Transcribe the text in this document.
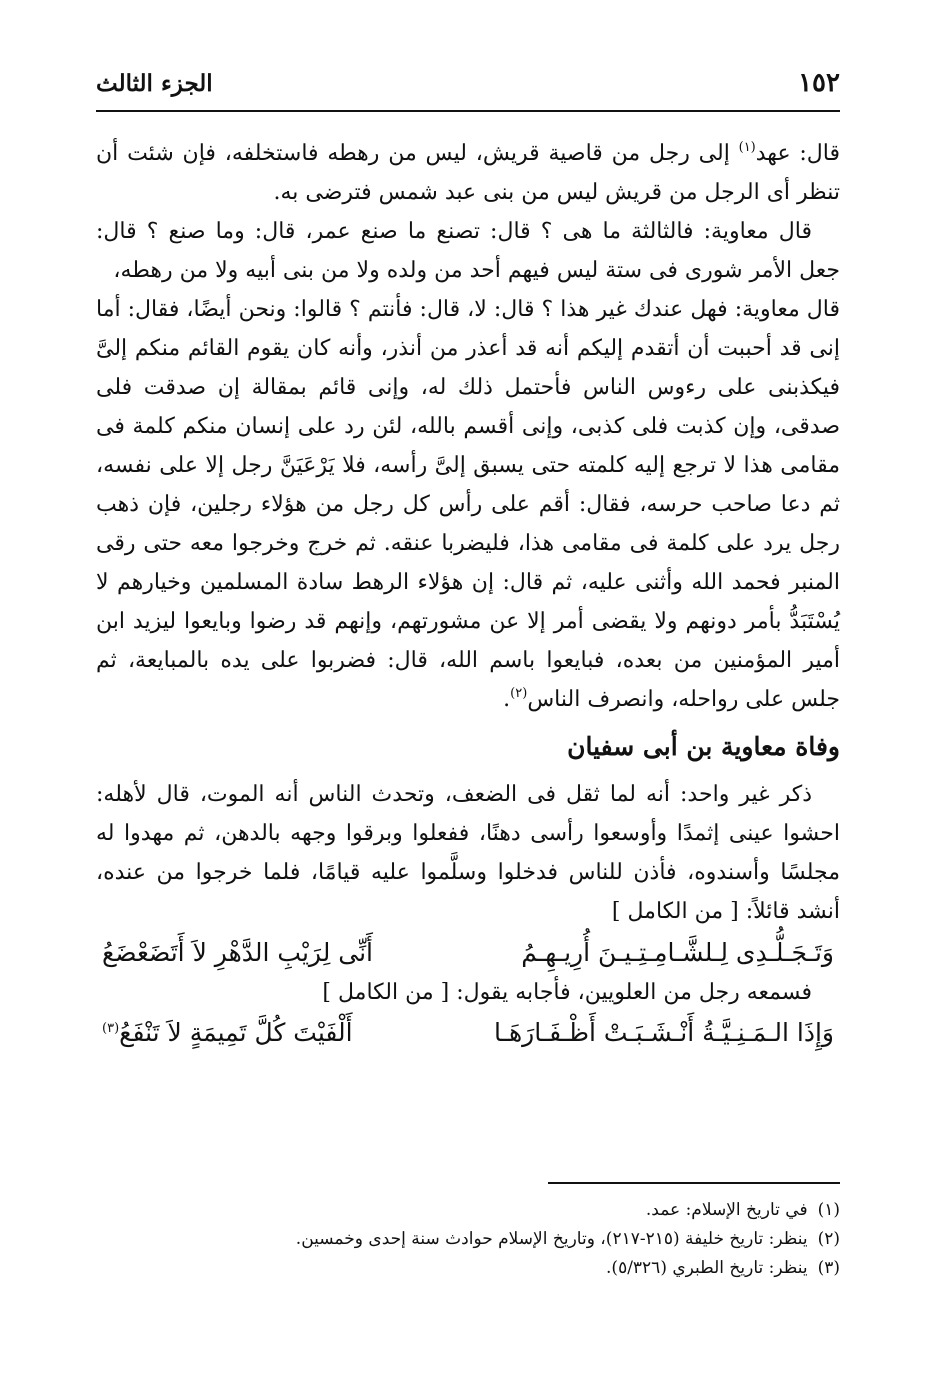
١٥٢
الجزء الثالث

قال: عهد$^{(١)}$ إلى رجل من قاصية قريش، ليس من رهطه فاستخلفه، فإن شئت أن تنظر أى الرجل من قريش ليس من بنى عبد شمس فترضى به.

قال معاوية: فالثالثة ما هى ؟ قال: تصنع ما صنع عمر، قال: وما صنع ؟ قال: جعل الأمر شورى فى ستة ليس فيهم أحد من ولده ولا من بنى أبيه ولا من رهطه،

قال معاوية: فهل عندك غير هذا ؟ قال: لا، قال: فأنتم ؟ قالوا: ونحن أيضًا، فقال: أما إنى قد أحببت أن أتقدم إليكم أنه قد أعذر من أنذر، وأنه كان يقوم القائم منكم إلىَّ فيكذبنى على رءوس الناس فأحتمل ذلك له، وإنى قائم بمقالة إن صدقت فلى صدقى، وإن كذبت فلى كذبى، وإنى أقسم بالله، لئن رد على إنسان منكم كلمة فى مقامى هذا لا ترجع إليه كلمته حتى يسبق إلىَّ رأسه، فلا يَرْعَيَنَّ رجل إلا على نفسه، ثم دعا صاحب حرسه، فقال: أقم على رأس كل رجل من هؤلاء رجلين، فإن ذهب رجل يرد على كلمة فى مقامى هذا، فليضربا عنقه. ثم خرج وخرجوا معه حتى رقى المنبر فحمد الله وأثنى عليه، ثم قال: إن هؤلاء الرهط سادة المسلمين وخيارهم لا يُسْتَبَدُّ بأمر دونهم ولا يقضى أمر إلا عن مشورتهم، وإنهم قد رضوا وبايعوا ليزيد ابن أمير المؤمنين من بعده، فبايعوا باسم الله، قال: فضربوا على يده بالمبايعة، ثم جلس على رواحله، وانصرف الناس$^{(٢)}$.

وفاة معاوية بن أبى سفيان

ذكر غير واحد: أنه لما ثقل فى الضعف، وتحدث الناس أنه الموت، قال لأهله: احشوا عينى إثمدًا وأوسعوا رأسى دهنًا، ففعلوا وبرقوا وجهه بالدهن، ثم مهدوا له مجلسًا وأسندوه، فأذن للناس فدخلوا وسلَّموا عليه قيامًا، فلما خرجوا من عنده، أنشد قائلاً: [ من الكامل ]

وَتَـجَـلُّـدِى لِـلشَّـامِـتِـيـنَ أُرِيـهِـمُ
أَنِّى لِرَيْبِ الدَّهْرِ لاَ أَتَضَعْضَعُ

فسمعه رجل من العلويين، فأجابه يقول: [ من الكامل ]

وَإِذَا الـمَـنِـيَّـةُ أَنْـشَـبَـتْ أَظْـفَـارَهَـا
أَلْفَيْتَ كُلَّ تَمِيمَةٍ لاَ تَنْفَعُ$^{(٣)}$
(١)
في تاريخ الإسلام: عمد.
(٢)
ينظر: تاريخ خليفة (٢١٥-٢١٧)، وتاريخ الإسلام حوادث سنة إحدى وخمسين.
(٣)
ينظر: تاريخ الطبري (٥/٣٢٦).
